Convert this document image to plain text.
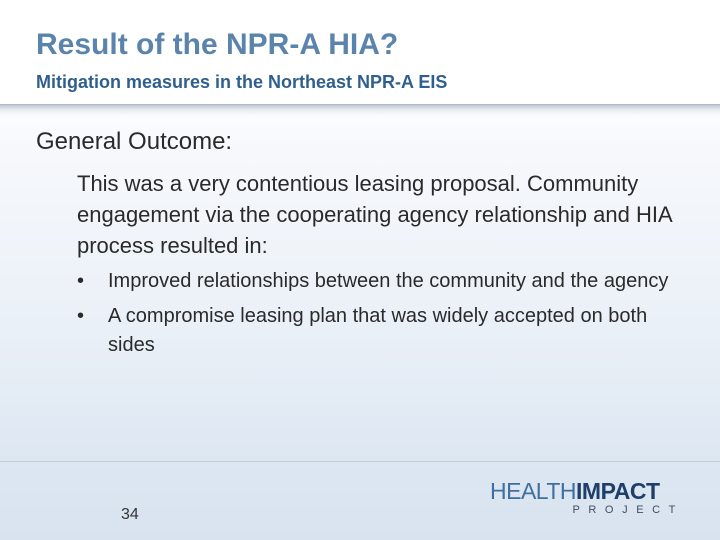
Result of the NPR-A HIA?
Mitigation measures in the Northeast NPR-A EIS
General Outcome:
This was a very contentious leasing proposal. Community engagement via the cooperating agency relationship and HIA process resulted in:
• Improved relationships between the community and the agency
• A compromise leasing plan that was widely accepted on both sides
34
HEALTHIMPACT
PROJECT
